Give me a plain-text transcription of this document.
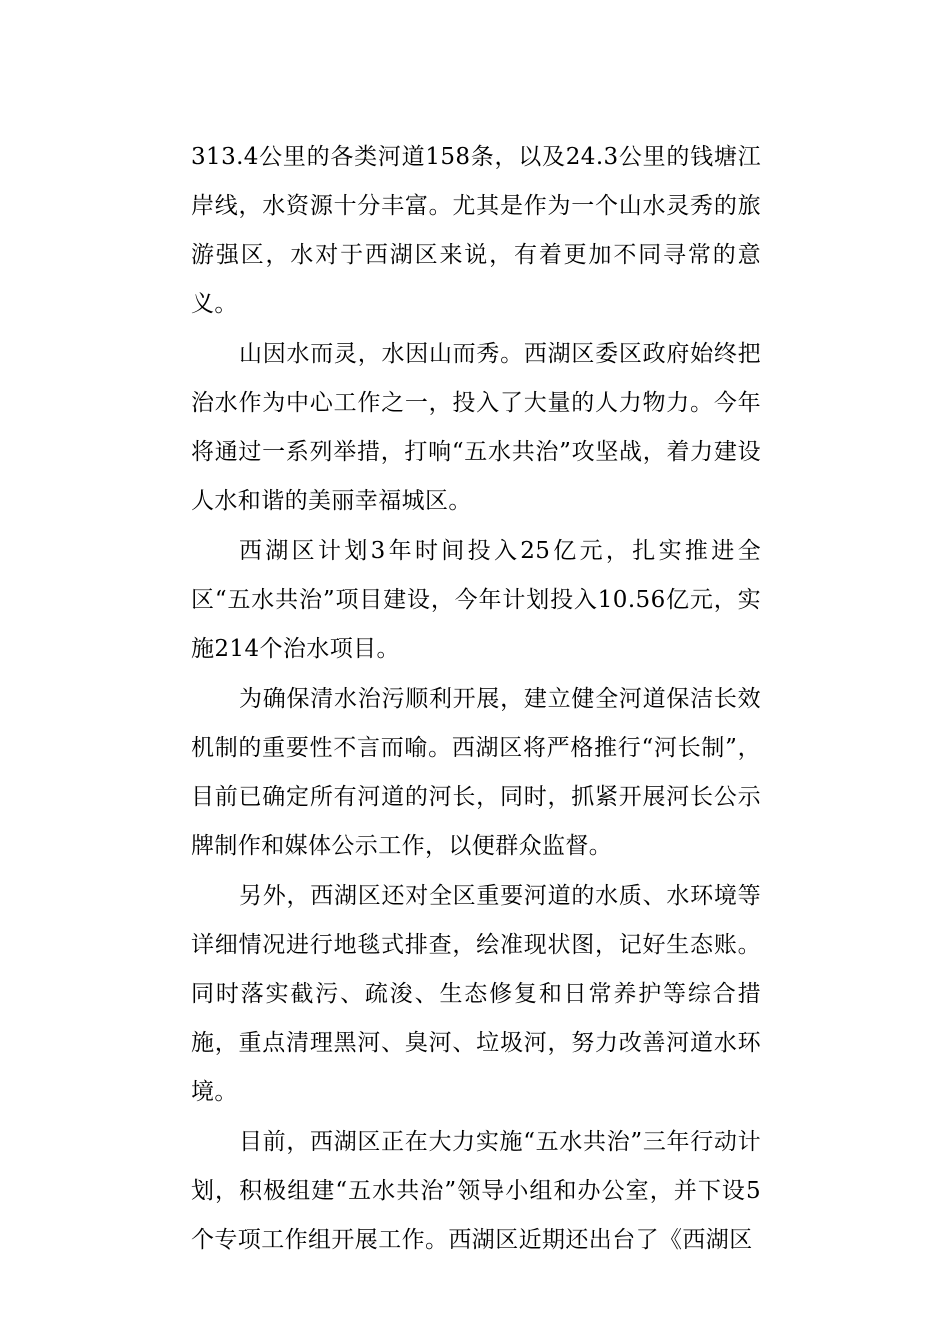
313.4公里的各类河道158条，以及24.3公里的钱塘江岸线，水资源十分丰富。尤其是作为一个山水灵秀的旅游强区，水对于西湖区来说，有着更加不同寻常的意义。

山因水而灵，水因山而秀。西湖区委区政府始终把治水作为中心工作之一，投入了大量的人力物力。今年将通过一系列举措，打响“五水共治”攻坚战，着力建设人水和谐的美丽幸福城区。

西湖区计划3年时间投入25亿元，扎实推进全区“五水共治”项目建设，今年计划投入10.56亿元，实施214个治水项目。

为确保清水治污顺利开展，建立健全河道保洁长效机制的重要性不言而喻。西湖区将严格推行“河长制”，目前已确定所有河道的河长，同时，抓紧开展河长公示牌制作和媒体公示工作，以便群众监督。

另外，西湖区还对全区重要河道的水质、水环境等详细情况进行地毯式排查，绘准现状图，记好生态账。同时落实截污、疏浚、生态修复和日常养护等综合措施，重点清理黑河、臭河、垃圾河，努力改善河道水环境。

目前，西湖区正在大力实施“五水共治”三年行动计划，积极组建“五水共治”领导小组和办公室，并下设5个专项工作组开展工作。西湖区近期还出台了《西湖区
